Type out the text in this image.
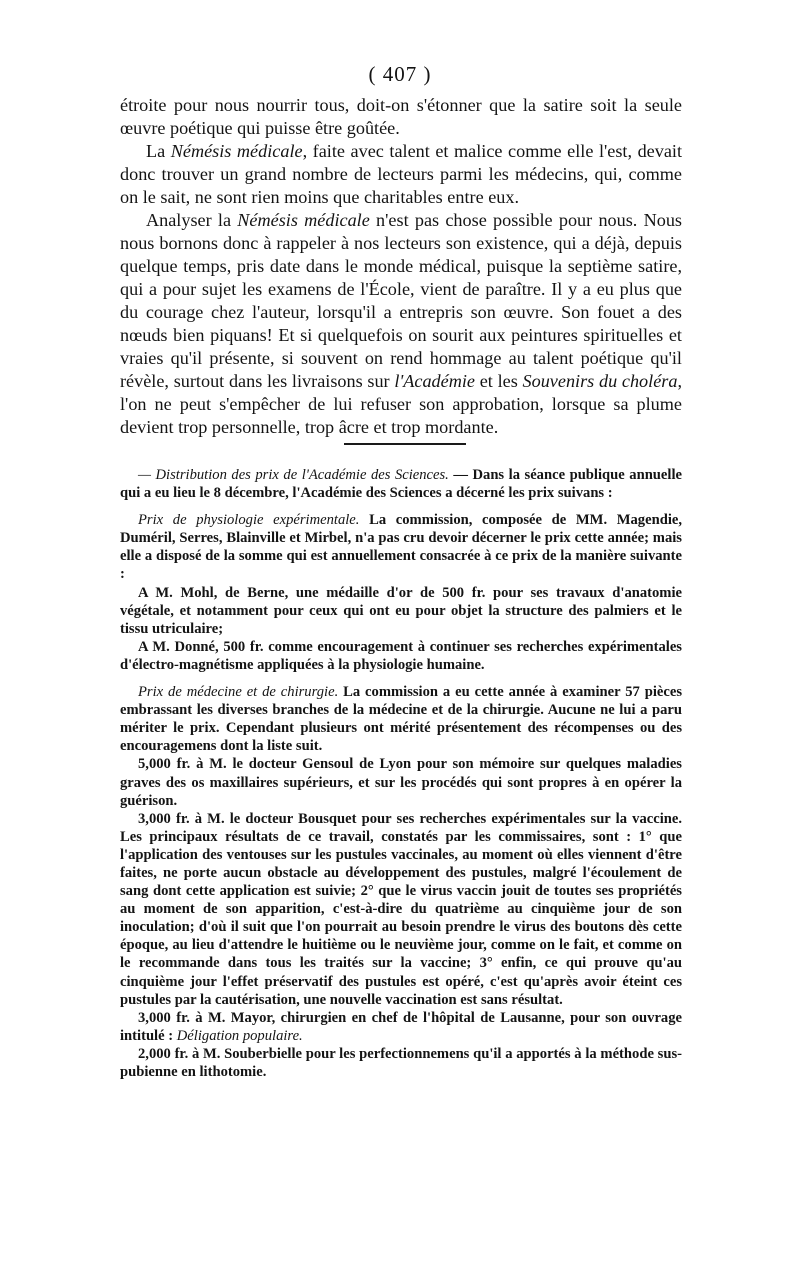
( 407 )

étroite pour nous nourrir tous, doit-on s'étonner que la satire soit la seule œuvre poétique qui puisse être goûtée.

La Némésis médicale, faite avec talent et malice comme elle l'est, devait donc trouver un grand nombre de lecteurs parmi les médecins, qui, comme on le sait, ne sont rien moins que charitables entre eux.

Analyser la Némésis médicale n'est pas chose possible pour nous. Nous nous bornons donc à rappeler à nos lecteurs son existence, qui a déjà, depuis quelque temps, pris date dans le monde médical, puisque la septième satire, qui a pour sujet les examens de l'École, vient de paraître. Il y a eu plus que du courage chez l'auteur, lorsqu'il a entrepris son œuvre. Son fouet a des nœuds bien piquans! Et si quelquefois on sourit aux peintures spirituelles et vraies qu'il présente, si souvent on rend hommage au talent poétique qu'il révèle, surtout dans les livraisons sur l'Académie et les Souvenirs du choléra, l'on ne peut s'empêcher de lui refuser son approbation, lorsque sa plume devient trop personnelle, trop âcre et trop mordante.

— Distribution des prix de l'Académie des Sciences. — Dans la séance publique annuelle qui a eu lieu le 8 décembre, l'Académie des Sciences a décerné les prix suivans :

Prix de physiologie expérimentale. La commission, composée de MM. Magendie, Duméril, Serres, Blainville et Mirbel, n'a pas cru devoir décerner le prix cette année; mais elle a disposé de la somme qui est annuellement consacrée à ce prix de la manière suivante :

A M. Mohl, de Berne, une médaille d'or de 500 fr. pour ses travaux d'anatomie végétale, et notamment pour ceux qui ont eu pour objet la structure des palmiers et le tissu utriculaire;

A M. Donné, 500 fr. comme encouragement à continuer ses recherches expérimentales d'électro-magnétisme appliquées à la physiologie humaine.

Prix de médecine et de chirurgie. La commission a eu cette année à examiner 57 pièces embrassant les diverses branches de la médecine et de la chirurgie. Aucune ne lui a paru mériter le prix. Cependant plusieurs ont mérité présentement des récompenses ou des encouragemens dont la liste suit.

5,000 fr. à M. le docteur Gensoul de Lyon pour son mémoire sur quelques maladies graves des os maxillaires supérieurs, et sur les procédés qui sont propres à en opérer la guérison.

3,000 fr. à M. le docteur Bousquet pour ses recherches expérimentales sur la vaccine. Les principaux résultats de ce travail, constatés par les commissaires, sont : 1° que l'application des ventouses sur les pustules vaccinales, au moment où elles viennent d'être faites, ne porte aucun obstacle au développement des pustules, malgré l'écoulement de sang dont cette application est suivie; 2° que le virus vaccin jouit de toutes ses propriétés au moment de son apparition, c'est-à-dire du quatrième au cinquième jour de son inoculation; d'où il suit que l'on pourrait au besoin prendre le virus des boutons dès cette époque, au lieu d'attendre le huitième ou le neuvième jour, comme on le fait, et comme on le recommande dans tous les traités sur la vaccine; 3° enfin, ce qui prouve qu'au cinquième jour l'effet préservatif des pustules est opéré, c'est qu'après avoir éteint ces pustules par la cautérisation, une nouvelle vaccination est sans résultat.

3,000 fr. à M. Mayor, chirurgien en chef de l'hôpital de Lausanne, pour son ouvrage intitulé : Déligation populaire.

2,000 fr. à M. Souberbielle pour les perfectionnemens qu'il a apportés à la méthode sus-pubienne en lithotomie.
